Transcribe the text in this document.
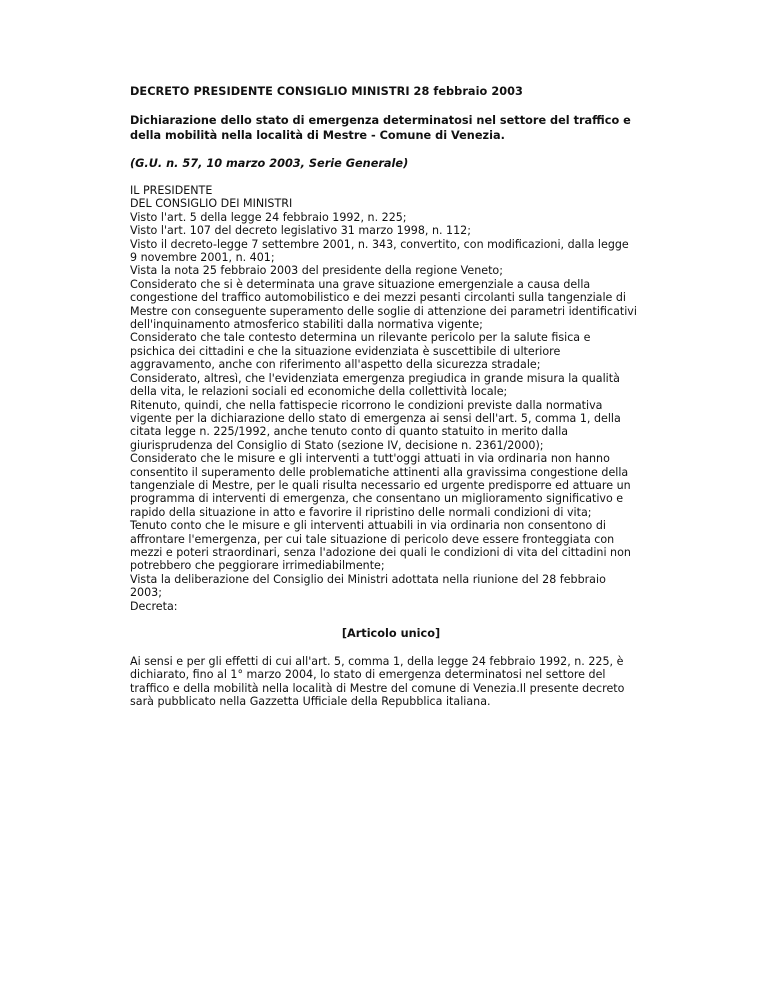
DECRETO PRESIDENTE CONSIGLIO MINISTRI 28 febbraio 2003

Dichiarazione dello stato di emergenza determinatosi nel settore del traffico e
della mobilità nella località di Mestre - Comune di Venezia.

(G.U. n. 57, 10 marzo 2003, Serie Generale)

IL PRESIDENTE
DEL CONSIGLIO DEI MINISTRI
Visto l'art. 5 della legge 24 febbraio 1992, n. 225;
Visto l'art. 107 del decreto legislativo 31 marzo 1998, n. 112;
Visto il decreto-legge 7 settembre 2001, n. 343, convertito, con modificazioni, dalla legge
9 novembre 2001, n. 401;
Vista la nota 25 febbraio 2003 del presidente della regione Veneto;
Considerato che si è determinata una grave situazione emergenziale a causa della
congestione del traffico automobilistico e dei mezzi pesanti circolanti sulla tangenziale di
Mestre con conseguente superamento delle soglie di attenzione dei parametri identificativi
dell'inquinamento atmosferico stabiliti dalla normativa vigente;
Considerato che tale contesto determina un rilevante pericolo per la salute fisica e
psichica dei cittadini e che la situazione evidenziata è suscettibile di ulteriore
aggravamento, anche con riferimento all'aspetto della sicurezza stradale;
Considerato, altresì, che l'evidenziata emergenza pregiudica in grande misura la qualità
della vita, le relazioni sociali ed economiche della collettività locale;
Ritenuto, quindi, che nella fattispecie ricorrono le condizioni previste dalla normativa
vigente per la dichiarazione dello stato di emergenza ai sensi dell'art. 5, comma 1, della
citata legge n. 225/1992, anche tenuto conto di quanto statuito in merito dalla
giurisprudenza del Consiglio di Stato (sezione IV, decisione n. 2361/2000);
Considerato che le misure e gli interventi a tutt'oggi attuati in via ordinaria non hanno
consentito il superamento delle problematiche attinenti alla gravissima congestione della
tangenziale di Mestre, per le quali risulta necessario ed urgente predisporre ed attuare un
programma di interventi di emergenza, che consentano un miglioramento significativo e
rapido della situazione in atto e favorire il ripristino delle normali condizioni di vita;
Tenuto conto che le misure e gli interventi attuabili in via ordinaria non consentono di
affrontare l'emergenza, per cui tale situazione di pericolo deve essere fronteggiata con
mezzi e poteri straordinari, senza l'adozione dei quali le condizioni di vita del cittadini non
potrebbero che peggiorare irrimediabilmente;
Vista la deliberazione del Consiglio dei Ministri adottata nella riunione del 28 febbraio
2003;
Decreta:

[Articolo unico]

Ai sensi e per gli effetti di cui all'art. 5, comma 1, della legge 24 febbraio 1992, n. 225, è
dichiarato, fino al 1° marzo 2004, lo stato di emergenza determinatosi nel settore del
traffico e della mobilità nella località di Mestre del comune di Venezia.Il presente decreto
sarà pubblicato nella Gazzetta Ufficiale della Repubblica italiana.
